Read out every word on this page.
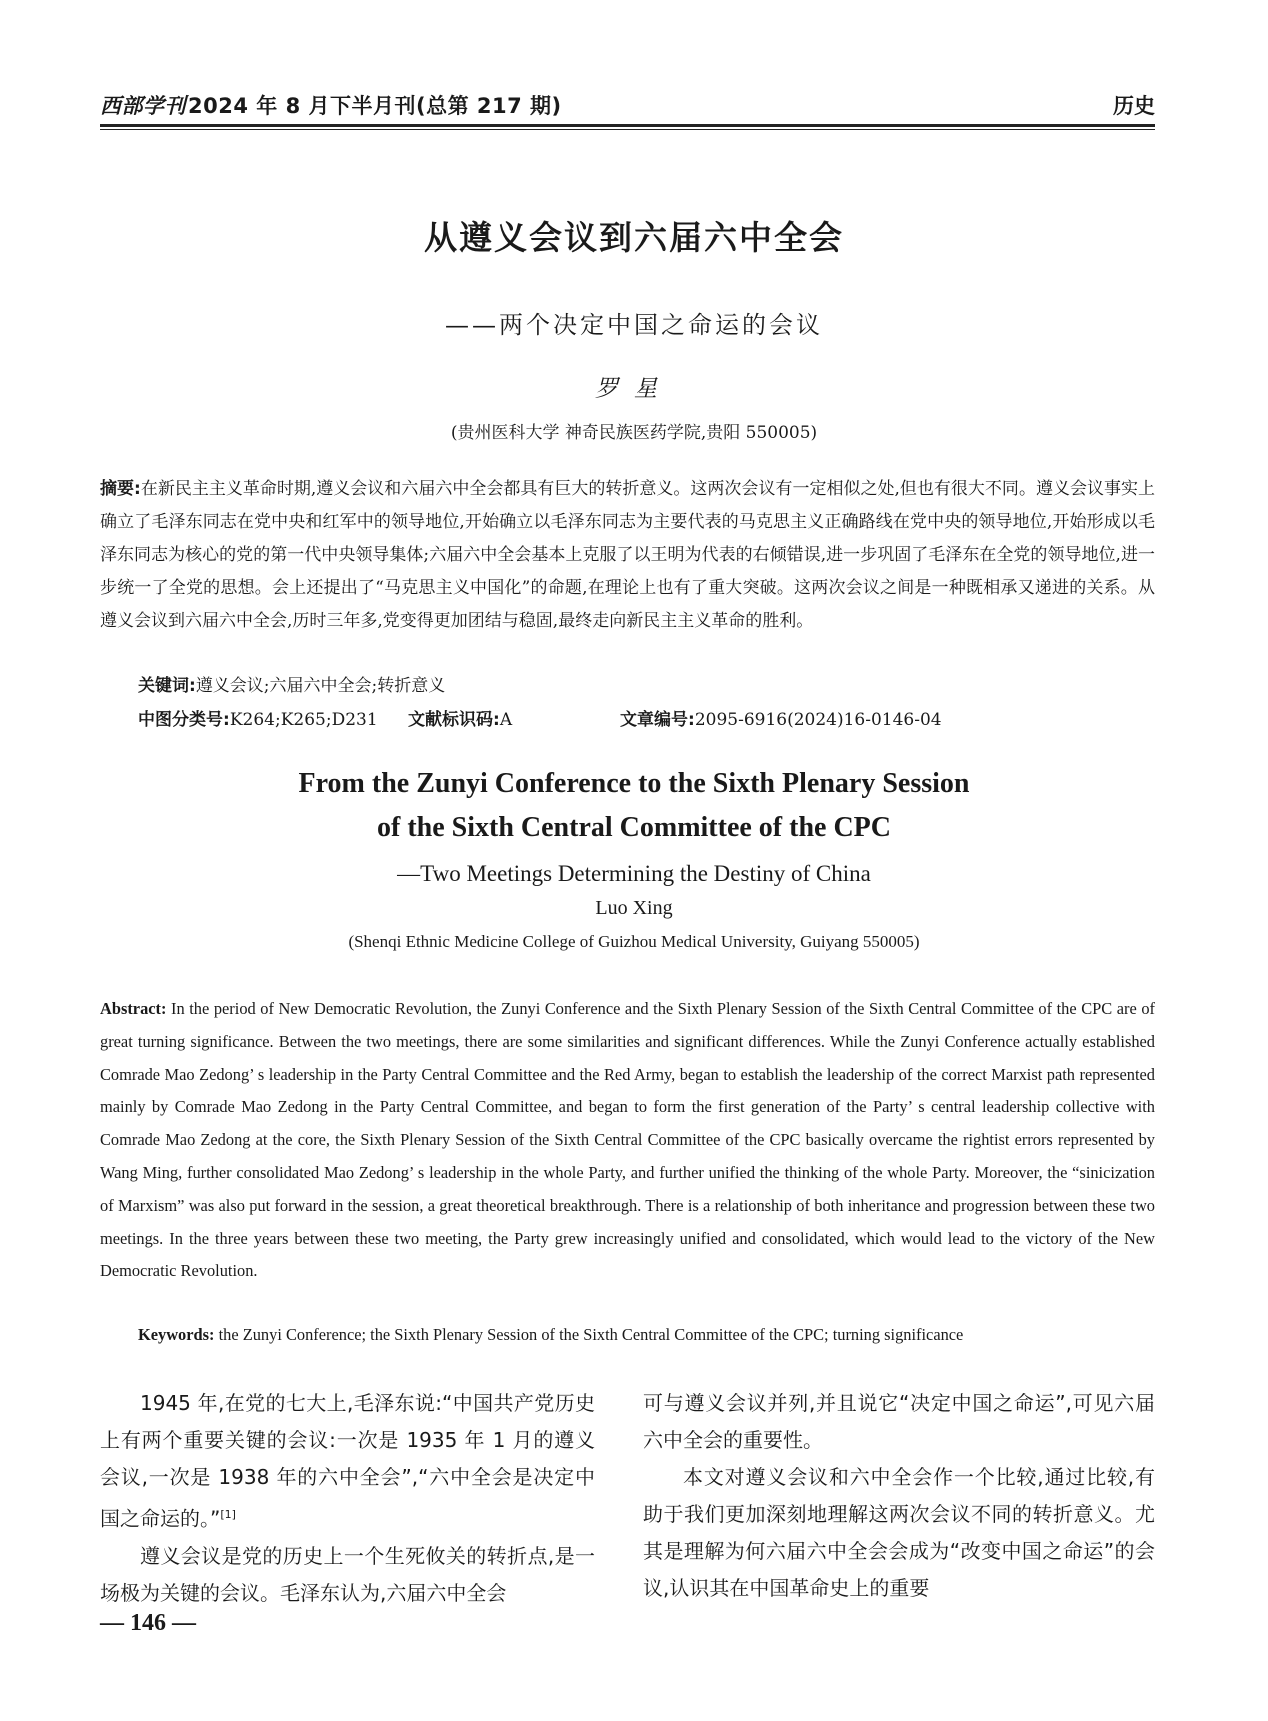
西部学刊2024 年 8 月下半月刊(总第 217 期)	历史
从遵义会议到六届六中全会
——两个决定中国之命运的会议
罗星
(贵州医科大学 神奇民族医药学院,贵阳 550005)
摘要:在新民主主义革命时期,遵义会议和六届六中全会都具有巨大的转折意义。这两次会议有一定相似之处,但也有很大不同。遵义会议事实上确立了毛泽东同志在党中央和红军中的领导地位,开始确立以毛泽东同志为主要代表的马克思主义正确路线在党中央的领导地位,开始形成以毛泽东同志为核心的党的第一代中央领导集体;六届六中全会基本上克服了以王明为代表的右倾错误,进一步巩固了毛泽东在全党的领导地位,进一步统一了全党的思想。会上还提出了“马克思主义中国化”的命题,在理论上也有了重大突破。这两次会议之间是一种既相承又递进的关系。从遵义会议到六届六中全会,历时三年多,党变得更加团结与稳固,最终走向新民主主义革命的胜利。
关键词:遵义会议;六届六中全会;转折意义
中图分类号:K264;K265;D231 文献标识码:A	文章编号:2095-6916(2024)16-0146-04
From the Zunyi Conference to the Sixth Plenary Session
of the Sixth Central Committee of the CPC
—Two Meetings Determining the Destiny of China
Luo Xing
(Shenqi Ethnic Medicine College of Guizhou Medical University, Guiyang 550005)
Abstract: In the period of New Democratic Revolution, the Zunyi Conference and the Sixth Plenary Session of the Sixth Central Committee of the CPC are of great turning significance. Between the two meetings, there are some similarities and significant differences. While the Zunyi Conference actually established Comrade Mao Zedong’ s leadership in the Party Central Committee and the Red Army, began to establish the leadership of the correct Marxist path represented mainly by Comrade Mao Zedong in the Party Central Committee, and began to form the first generation of the Party’ s central leadership collective with Comrade Mao Zedong at the core, the Sixth Plenary Session of the Sixth Central Committee of the CPC basically overcame the rightist errors represented by Wang Ming, further consolidated Mao Zedong’ s leadership in the whole Party, and further unified the thinking of the whole Party. Moreover, the “sinicization of Marxism” was also put forward in the session, a great theoretical breakthrough. There is a relationship of both inheritance and progression between these two meetings. In the three years between these two meeting, the Party grew increasingly unified and consolidated, which would lead to the victory of the New Democratic Revolution.
Keywords: the Zunyi Conference; the Sixth Plenary Session of the Sixth Central Committee of the CPC; turning significance

1945 年,在党的七大上,毛泽东说:“中国共产党历史上有两个重要关键的会议:一次是 1935 年 1 月的遵义会议,一次是 1938 年的六中全会”,“六中全会是决定中国之命运的。”[1]

遵义会议是党的历史上一个生死攸关的转折点,是一场极为关键的会议。毛泽东认为,六届六中全会

可与遵义会议并列,并且说它“决定中国之命运”,可见六届六中全会的重要性。

本文对遵义会议和六中全会作一个比较,通过比较,有助于我们更加深刻地理解这两次会议不同的转折意义。尤其是理解为何六届六中全会会成为“改变中国之命运”的会议,认识其在中国革命史上的重要

— 146 —
